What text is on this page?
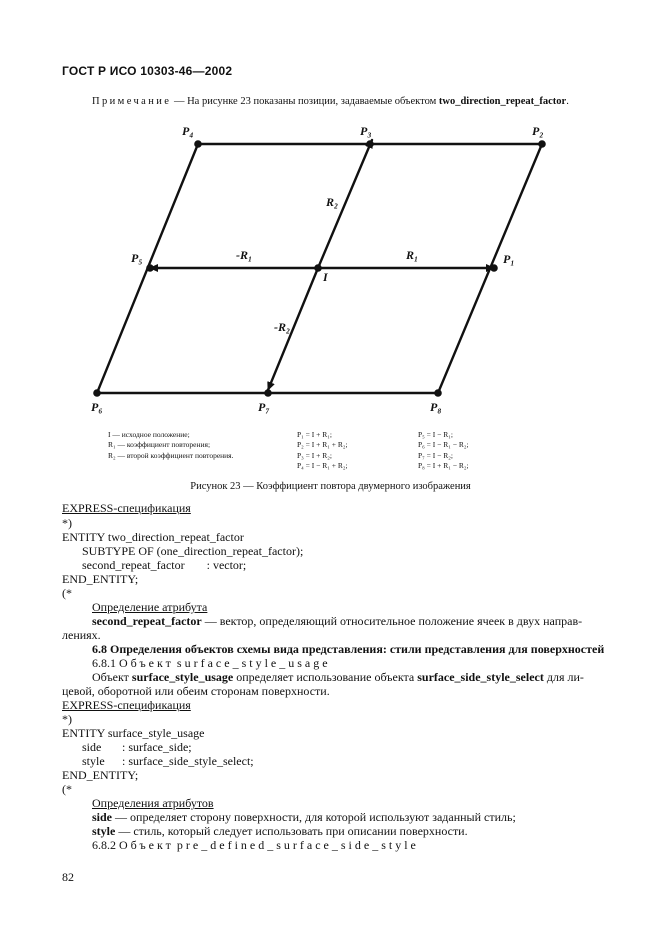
ГОСТ Р ИСО 10303-46—2002
Примечание — На рисунке 23 показаны позиции, задаваемые объектом two_direction_repeat_factor.
P₄	P₃	P₂
P₅
I
P₁
P₆	P₇	P₈
R₁
-R₁
R₂
-R₂
I — исходное положение;
R₁ — коэффициент повторения;
R₂ — второй коэффициент повторения.
P₁ = I + R₁;
P₂ = I + R₁ + R₂;
P₃ = I + R₂;
P₄ = I − R₁ + R₂;
P₅ = I − R₁;
P₆ = I − R₁ − R₂;
P₇ = I − R₂;
P₈ = I + R₁ − R₂;
Рисунок 23 — Коэффициент повтора двумерного изображения
EXPRESS-спецификация
*)
ENTITY two_direction_repeat_factor
SUBTYPE OF (one_direction_repeat_factor);
second_repeat_factor : vector;
END_ENTITY;
(*
Определение атрибута
second_repeat_factor — вектор, определяющий относительное положение ячеек в двух направ-
лениях.
6.8 Определения объектов схемы вида представления: стили представления для поверхностей
6.8.1 Объект surface_style_usage
Объект surface_style_usage определяет использование объекта surface_side_style_select для ли-
цевой, оборотной или обеим сторонам поверхности.
EXPRESS-спецификация
*)
ENTITY surface_style_usage
side : surface_side;
style : surface_side_style_select;
END_ENTITY;
(*
Определения атрибутов
side — определяет сторону поверхности, для которой используют заданный стиль;
style — стиль, который следует использовать при описании поверхности.
6.8.2 Объект pre_defined_surface_side_style
82
